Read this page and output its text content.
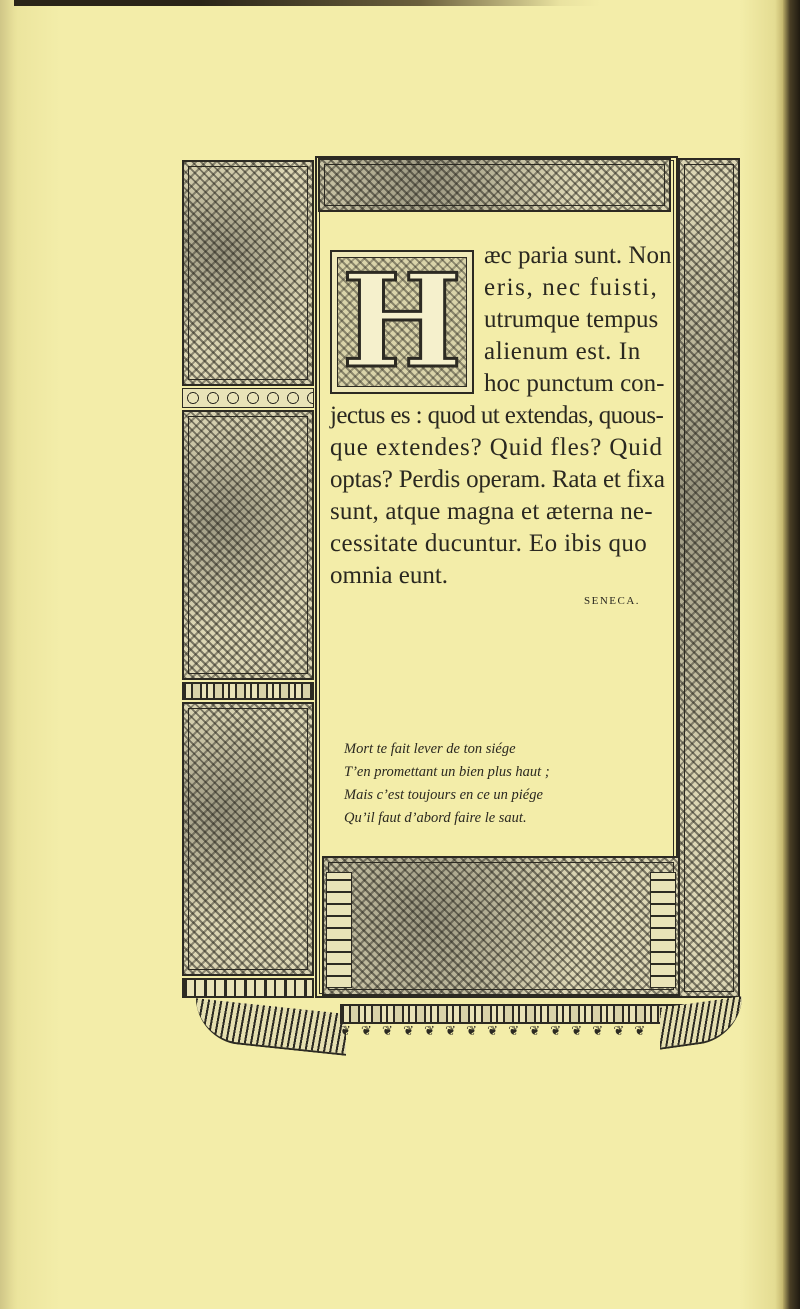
H æc paria sunt. Non
eris, nec fuisti,
utrumque tempus
alienum est. In
hoc punctum con-
jectus es : quod ut extendas, quous-
que extendes? Quid fles? Quid
optas? Perdis operam. Rata et fixa
sunt, atque magna et æterna ne-
cessitate ducuntur. Eo ibis quo
omnia eunt.
SENECA.
Mort te fait lever de ton siége
T’en promettant un bien plus haut ;
Mais c’est toujours en ce un piége
Qu’il faut d’abord faire le saut.
❦ ❦ ❦ ❦ ❦ ❦ ❦ ❦ ❦ ❦ ❦ ❦ ❦ ❦ ❦
